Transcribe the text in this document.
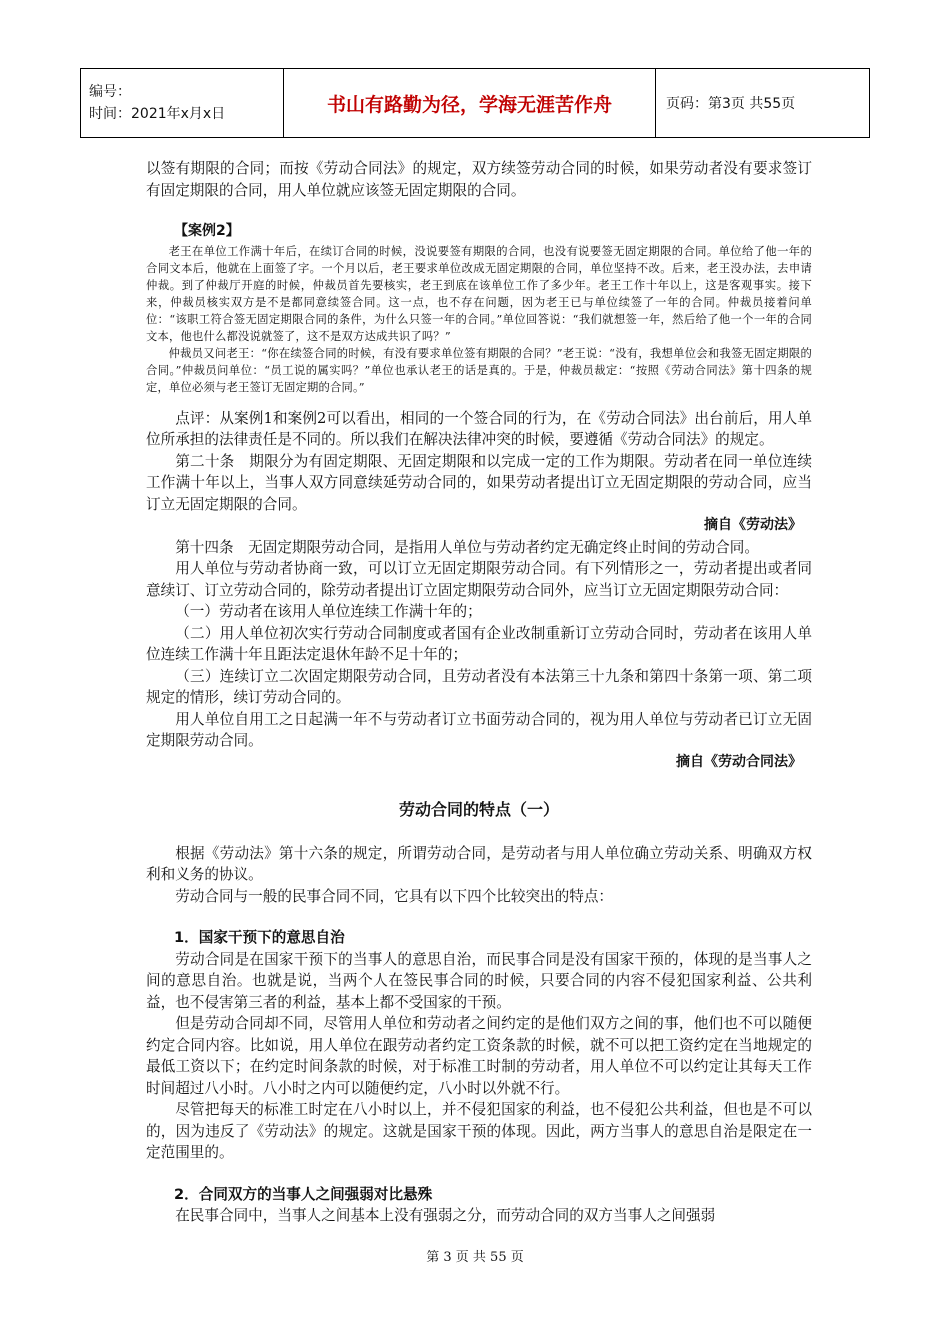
编号：
时间：2021年x月x日	书山有路勤为径，学海无涯苦作舟	页码：第3页 共55页

以签有期限的合同；而按《劳动合同法》的规定，双方续签劳动合同的时候，如果劳动者没有要求签订有固定期限的合同，用人单位就应该签无固定期限的合同。

【案例2】

老王在单位工作满十年后，在续订合同的时候，没说要签有期限的合同，也没有说要签无固定期限的合同。单位给了他一年的合同文本后，他就在上面签了字。一个月以后，老王要求单位改成无固定期限的合同，单位坚持不改。后来，老王没办法，去申请仲裁。到了仲裁厅开庭的时候，仲裁员首先要核实，老王到底在该单位工作了多少年。老王工作十年以上，这是客观事实。接下来，仲裁员核实双方是不是都同意续签合同。这一点，也不存在问题，因为老王已与单位续签了一年的合同。仲裁员接着问单位：“该职工符合签无固定期限合同的条件，为什么只签一年的合同。”单位回答说：“我们就想签一年，然后给了他一个一年的合同文本，他也什么都没说就签了，这不是双方达成共识了吗？”

仲裁员又问老王：“你在续签合同的时候，有没有要求单位签有期限的合同？”老王说：“没有，我想单位会和我签无固定期限的合同。”仲裁员问单位：“员工说的属实吗？”单位也承认老王的话是真的。于是，仲裁员裁定：“按照《劳动合同法》第十四条的规定，单位必须与老王签订无固定期的合同。”

点评：从案例1和案例2可以看出，相同的一个签合同的行为，在《劳动合同法》出台前后，用人单位所承担的法律责任是不同的。所以我们在解决法律冲突的时候，要遵循《劳动合同法》的规定。

第二十条　期限分为有固定期限、无固定期限和以完成一定的工作为期限。劳动者在同一单位连续工作满十年以上，当事人双方同意续延劳动合同的，如果劳动者提出订立无固定期限的劳动合同，应当订立无固定期限的合同。

摘自《劳动法》

第十四条　无固定期限劳动合同，是指用人单位与劳动者约定无确定终止时间的劳动合同。

用人单位与劳动者协商一致，可以订立无固定期限劳动合同。有下列情形之一，劳动者提出或者同意续订、订立劳动合同的，除劳动者提出订立固定期限劳动合同外，应当订立无固定期限劳动合同：

（一）劳动者在该用人单位连续工作满十年的；

（二）用人单位初次实行劳动合同制度或者国有企业改制重新订立劳动合同时，劳动者在该用人单位连续工作满十年且距法定退休年龄不足十年的；

（三）连续订立二次固定期限劳动合同，且劳动者没有本法第三十九条和第四十条第一项、第二项规定的情形，续订劳动合同的。

用人单位自用工之日起满一年不与劳动者订立书面劳动合同的，视为用人单位与劳动者已订立无固定期限劳动合同。

摘自《劳动合同法》

劳动合同的特点（一）

根据《劳动法》第十六条的规定，所谓劳动合同，是劳动者与用人单位确立劳动关系、明确双方权利和义务的协议。

劳动合同与一般的民事合同不同，它具有以下四个比较突出的特点：

1．国家干预下的意思自治

劳动合同是在国家干预下的当事人的意思自治，而民事合同是没有国家干预的，体现的是当事人之间的意思自治。也就是说，当两个人在签民事合同的时候，只要合同的内容不侵犯国家利益、公共利益，也不侵害第三者的利益，基本上都不受国家的干预。

但是劳动合同却不同，尽管用人单位和劳动者之间约定的是他们双方之间的事，他们也不可以随便约定合同内容。比如说，用人单位在跟劳动者约定工资条款的时候，就不可以把工资约定在当地规定的最低工资以下；在约定时间条款的时候，对于标准工时制的劳动者，用人单位不可以约定让其每天工作时间超过八小时。八小时之内可以随便约定，八小时以外就不行。

尽管把每天的标准工时定在八小时以上，并不侵犯国家的利益，也不侵犯公共利益，但也是不可以的，因为违反了《劳动法》的规定。这就是国家干预的体现。因此，两方当事人的意思自治是限定在一定范围里的。

2．合同双方的当事人之间强弱对比悬殊

在民事合同中，当事人之间基本上没有强弱之分，而劳动合同的双方当事人之间强弱

第 3 页 共 55 页
